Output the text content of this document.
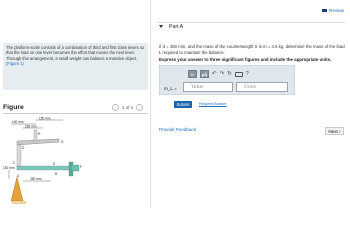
The platform-scale consists of a combination of third and first class levers so that the load on one lever becomes the effort that moves the next lever. Through this arrangement, a small weight can balance a massive object. (Figure 1)
Figure	‹	1 of 1	›
100 mm
150 mm
250 mm
150 mm
350 mm
H
G
D
C
A	B
F
E
Review
Part A
If d = 450 mm, and the mass of the counterweight S is m = 4.5 kg, determine the mass of the load L required to maintain the balance.
Express your answer to three significant figures and include the appropriate units.
▪▪	μÅ ↶ ↷ ↻	?
m_L =	Value	Units
Submit	Request Answer
Provide Feedback	Next
›
